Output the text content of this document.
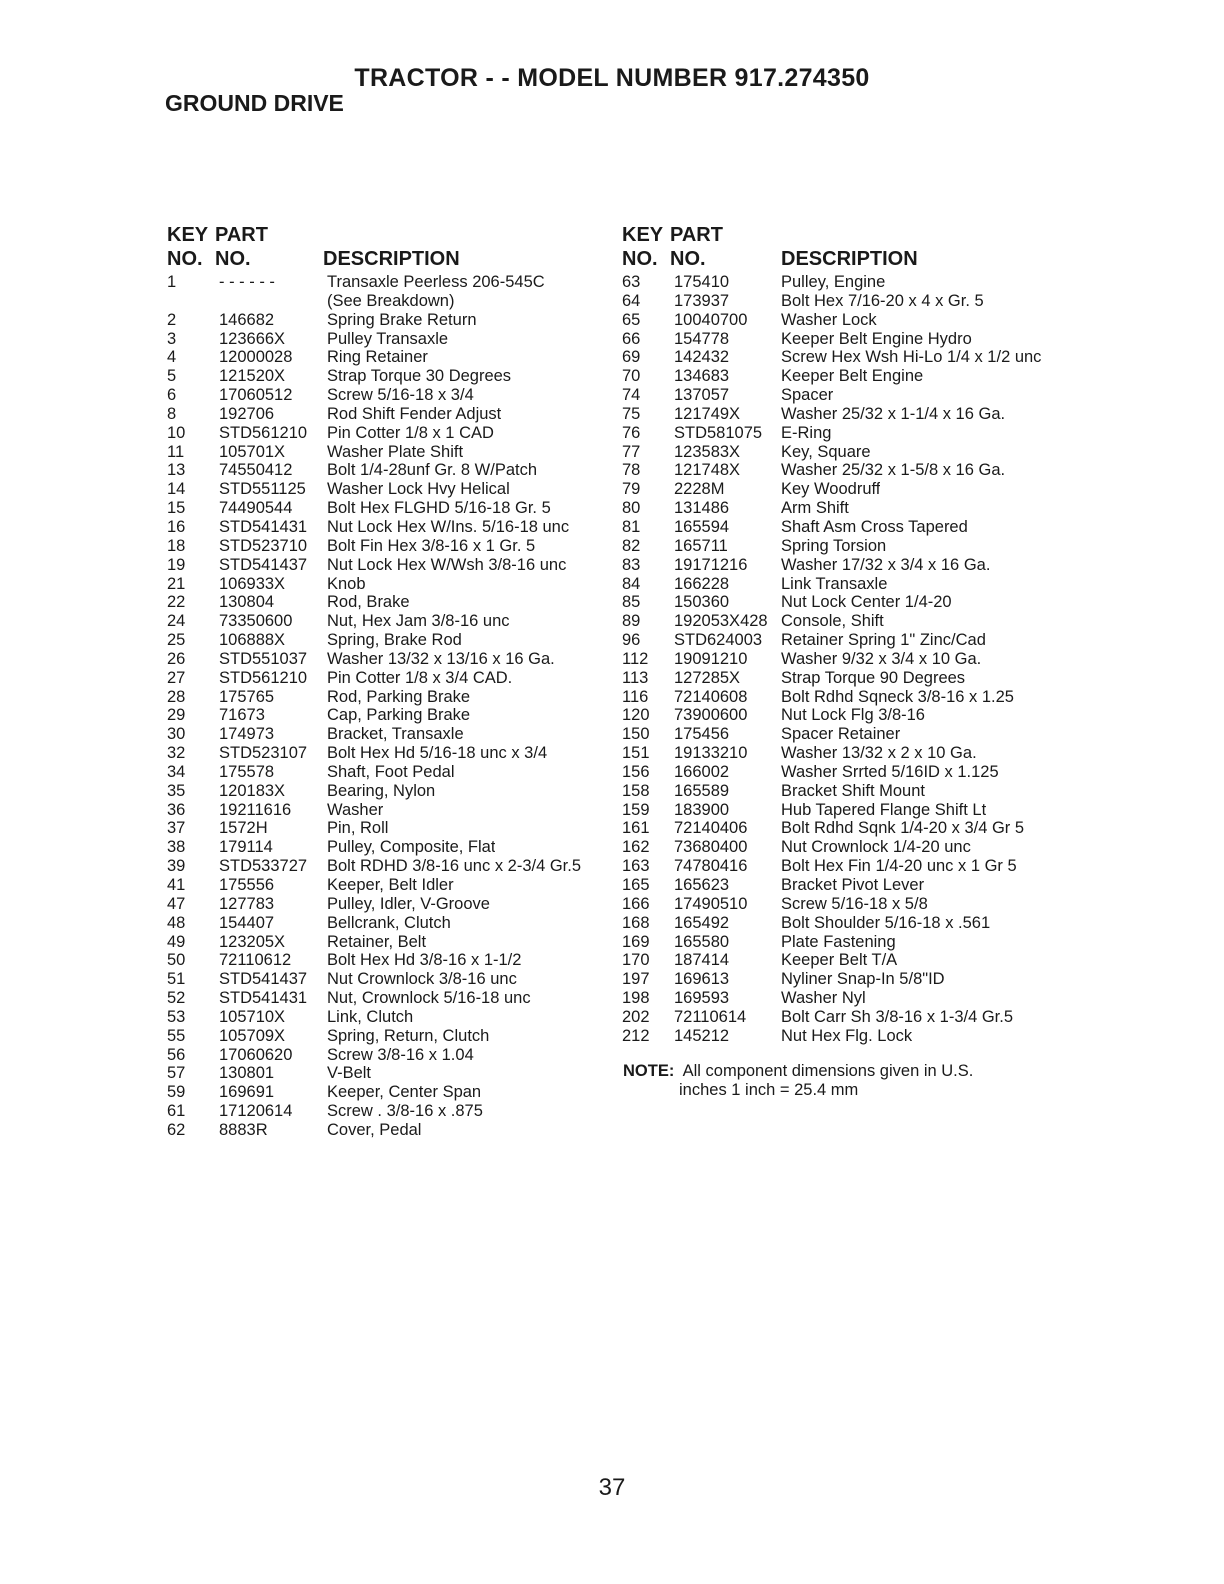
TRACTOR - - MODEL NUMBER 917.274350
GROUND DRIVE
KEY PART
NO. NO.	DESCRIPTION
1	- - - - - -	Transaxle Peerless 206-545C
(See Breakdown)
2	146682	Spring Brake Return
3	123666X	Pulley Transaxle
4	12000028 Ring Retainer
5	121520X	Strap Torque 30 Degrees
6	17060512 Screw 5/16-18 x 3/4
8	192706	Rod Shift Fender Adjust
10 STD561210 Pin Cotter 1/8 x 1 CAD
11 105701X	Washer Plate Shift
13 74550412 Bolt 1/4-28unf Gr. 8 W/Patch
14 STD551125 Washer Lock Hvy Helical
15 74490544 Bolt Hex FLGHD 5/16-18 Gr. 5
16 STD541431 Nut Lock Hex W/Ins. 5/16-18 unc
18 STD523710 Bolt Fin Hex 3/8-16 x 1 Gr. 5
19 STD541437 Nut Lock Hex W/Wsh 3/8-16 unc
21 106933X	Knob
22 130804	Rod, Brake
24 73350600 Nut, Hex Jam 3/8-16 unc
25 106888X	Spring, Brake Rod
26 STD551037 Washer 13/32 x 13/16 x 16 Ga.
27 STD561210 Pin Cotter 1/8 x 3/4 CAD.
28 175765	Rod, Parking Brake
29 71673	Cap, Parking Brake
30 174973	Bracket, Transaxle
32 STD523107 Bolt Hex Hd 5/16-18 unc x 3/4
34 175578	Shaft, Foot Pedal
35 120183X	Bearing, Nylon
36 19211616 Washer
37 1572H	Pin, Roll
38 179114	Pulley, Composite, Flat
39 STD533727 Bolt RDHD 3/8-16 unc x 2-3/4 Gr.5
41 175556	Keeper, Belt Idler
47 127783	Pulley, Idler, V-Groove
48 154407	Bellcrank, Clutch
49 123205X	Retainer, Belt
50 72110612 Bolt Hex Hd 3/8-16 x 1-1/2
51 STD541437 Nut Crownlock 3/8-16 unc
52 STD541431 Nut, Crownlock 5/16-18 unc
53 105710X	Link, Clutch
55 105709X	Spring, Return, Clutch
56 17060620 Screw 3/8-16 x 1.04
57 130801	V-Belt
59 169691	Keeper, Center Span
61 17120614 Screw . 3/8-16 x .875
62 8883R	Cover, Pedal
KEY PART
NO. NO.	DESCRIPTION
63 175410	Pulley, Engine
64 173937	Bolt Hex 7/16-20 x 4 x Gr. 5
65 10040700 Washer Lock
66 154778	Keeper Belt Engine Hydro
69 142432	Screw Hex Wsh Hi-Lo 1/4 x 1/2 unc
70 134683	Keeper Belt Engine
74 137057	Spacer
75 121749X Washer 25/32 x 1-1/4 x 16 Ga.
76 STD581075 E-Ring
77 123583X Key, Square
78 121748X Washer 25/32 x 1-5/8 x 16 Ga.
79 2228M	Key Woodruff
80 131486	Arm Shift
81 165594	Shaft Asm Cross Tapered
82 165711	Spring Torsion
83 19171216 Washer 17/32 x 3/4 x 16 Ga.
84 166228	Link Transaxle
85 150360	Nut Lock Center 1/4-20
89 192053X428 Console, Shift
96 STD624003 Retainer Spring 1" Zinc/Cad
112 19091210 Washer 9/32 x 3/4 x 10 Ga.
113 127285X Strap Torque 90 Degrees
116 72140608 Bolt Rdhd Sqneck 3/8-16 x 1.25
120 73900600 Nut Lock Flg 3/8-16
150 175456	Spacer Retainer
151 19133210 Washer 13/32 x 2 x 10 Ga.
156 166002	Washer Srrted 5/16ID x 1.125
158 165589	Bracket Shift Mount
159 183900	Hub Tapered Flange Shift Lt
161 72140406 Bolt Rdhd Sqnk 1/4-20 x 3/4 Gr 5
162 73680400 Nut Crownlock 1/4-20 unc
163 74780416 Bolt Hex Fin 1/4-20 unc x 1 Gr 5
165 165623	Bracket Pivot Lever
166 17490510 Screw 5/16-18 x 5/8
168 165492	Bolt Shoulder 5/16-18 x .561
169 165580	Plate Fastening
170 187414	Keeper Belt T/A
197 169613	Nyliner Snap-In 5/8"ID
198 169593	Washer Nyl
202 72110614 Bolt Carr Sh 3/8-16 x 1-3/4 Gr.5
212 145212	Nut Hex Flg. Lock
NOTE: All component dimensions given in U.S.
inches 1 inch = 25.4 mm
37
